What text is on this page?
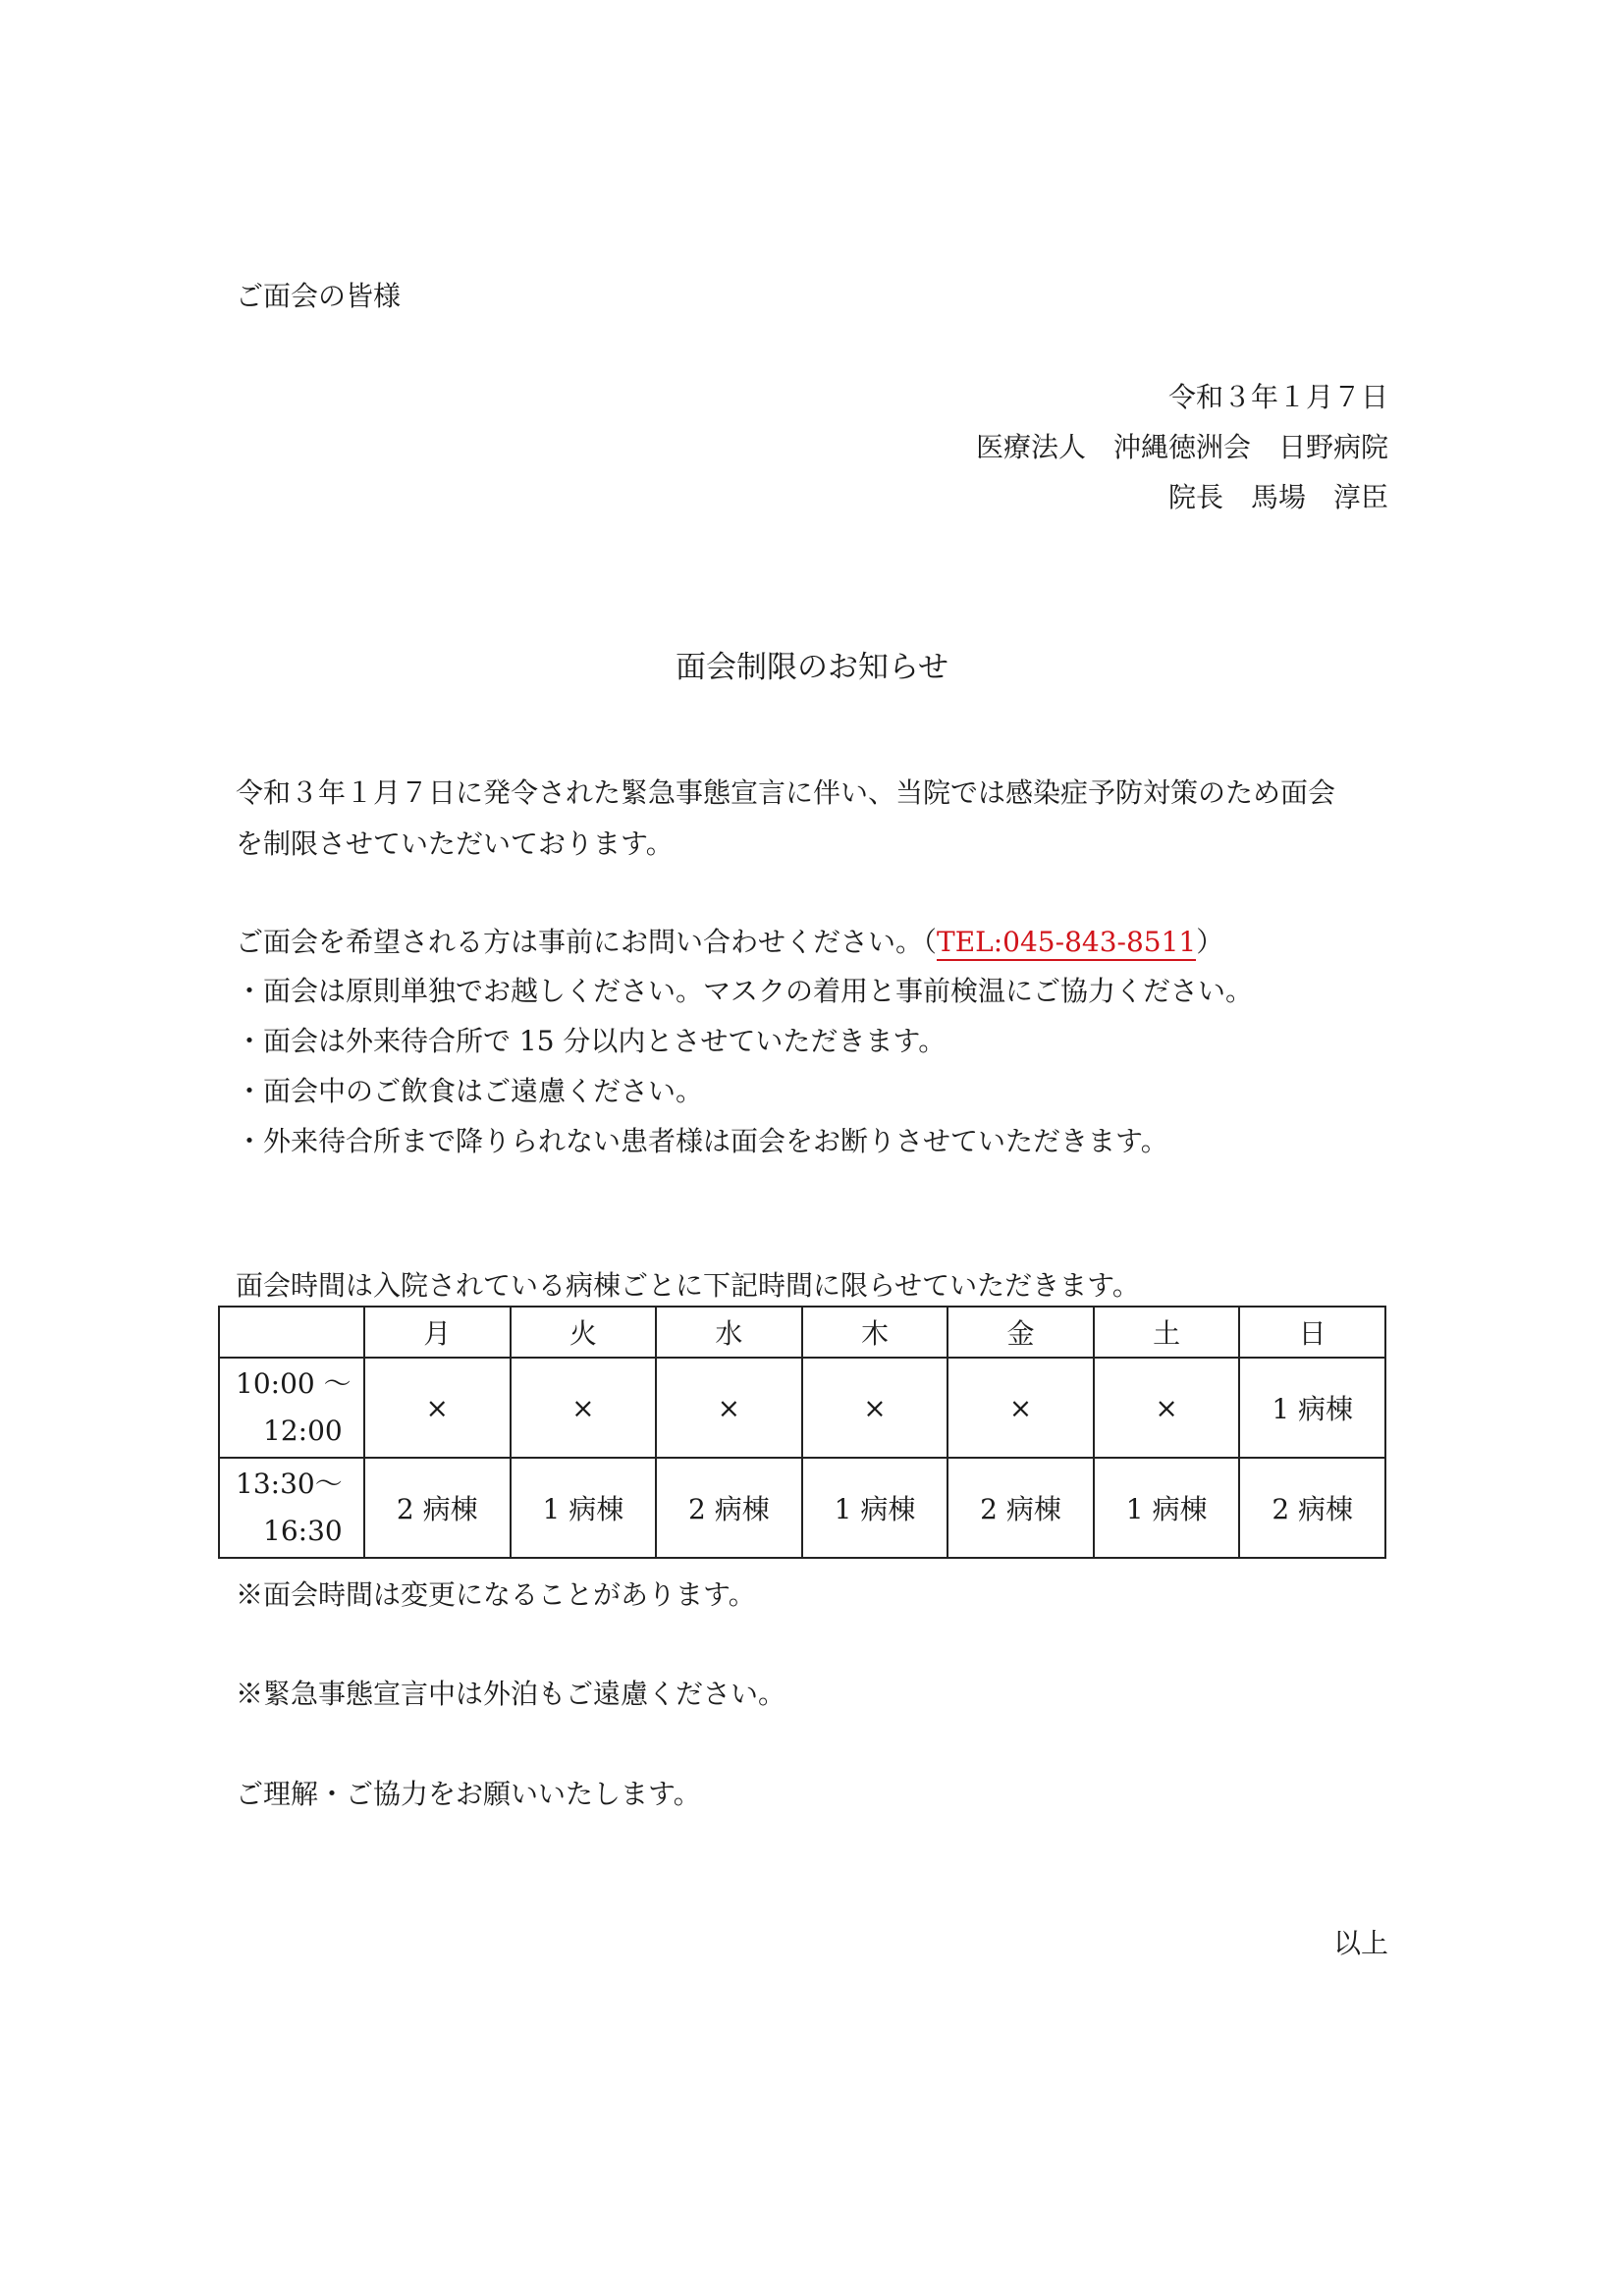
ご面会の皆様
令和３年１月７日
医療法人　沖縄徳洲会　日野病院
院長　馬場　淳臣
面会制限のお知らせ
令和３年１月７日に発令された緊急事態宣言に伴い、当院では感染症予防対策のため面会
を制限させていただいております。
ご面会を希望される方は事前にお問い合わせください。（TEL:045-843-8511）
・面会は原則単独でお越しください。マスクの着用と事前検温にご協力ください。
・面会は外来待合所で 15 分以内とさせていただきます。
・面会中のご飲食はご遠慮ください。
・外来待合所まで降りられない患者様は面会をお断りさせていただきます。
面会時間は入院されている病棟ごとに下記時間に限らせていただきます。
	月	火	水	木	金	土	日
10:00 ～
12:00	×	×	×	×	×	×	1 病棟
13:30～
16:30	2 病棟	1 病棟	2 病棟	1 病棟	2 病棟	1 病棟	2 病棟
※面会時間は変更になることがあります。
※緊急事態宣言中は外泊もご遠慮ください。
ご理解・ご協力をお願いいたします。
以上
